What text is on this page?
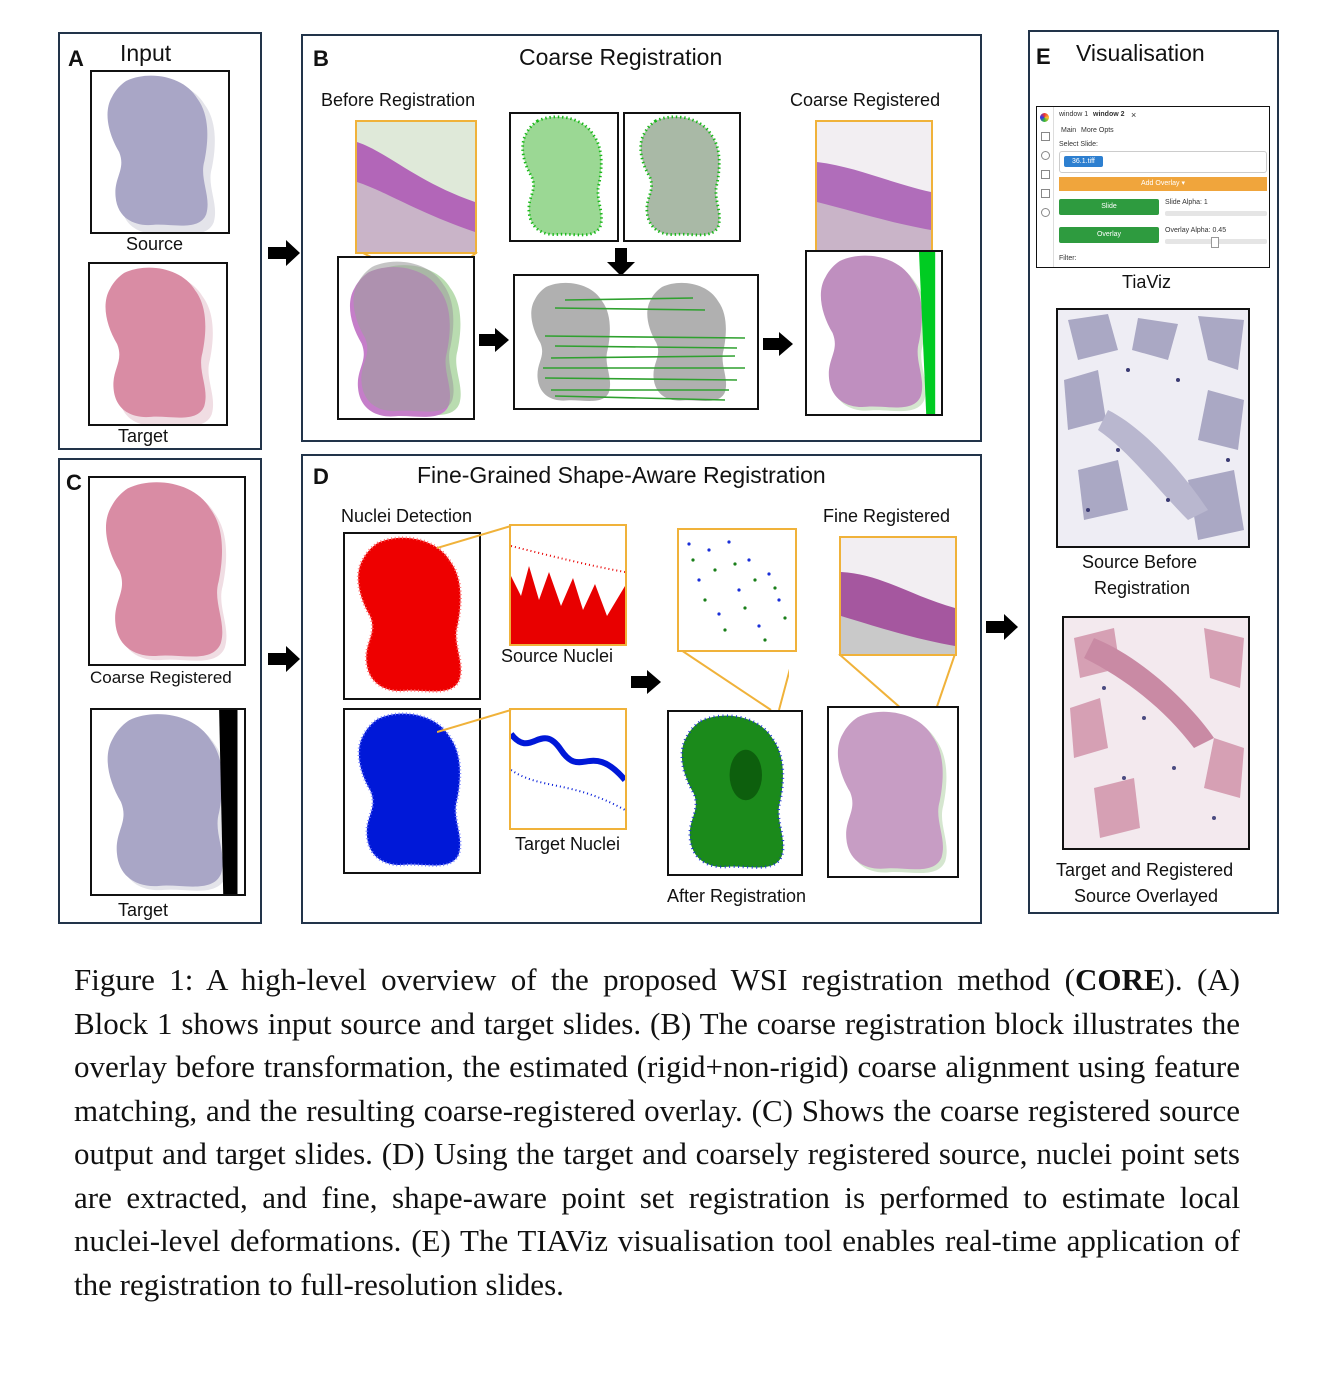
A Input
Source
Target
B	Coarse Registration
Before Registration	Coarse Registered
C
Coarse Registered
Target
D	Fine-Grained Shape-Aware Registration
Nuclei Detection	Fine Registered
Source Nuclei
Target Nuclei
After Registration
E Visualisation
window 1 window 2 ×
Main More Opts
Select Slide:
36.1.tiff
Add Overlay ▾
Slide
Slide Alpha: 1
Overlay
Overlay Alpha: 0.45
Filter:
TiaViz
Source Before
Registration
Target and Registered
Source Overlayed
Figure 1: A high-level overview of the proposed WSI registration method (CORE). (A) Block 1 shows input source and target slides. (B) The coarse registration block illustrates the overlay before transformation, the estimated (rigid+non-rigid) coarse alignment using feature matching, and the resulting coarse-registered overlay. (C) Shows the coarse registered source output and target slides. (D) Using the target and coarsely registered source, nuclei point sets are extracted, and fine, shape-aware point set registration is performed to estimate local nuclei-level deformations. (E) The TIAViz visualisation tool enables real-time application of the registration to full-resolution slides.
